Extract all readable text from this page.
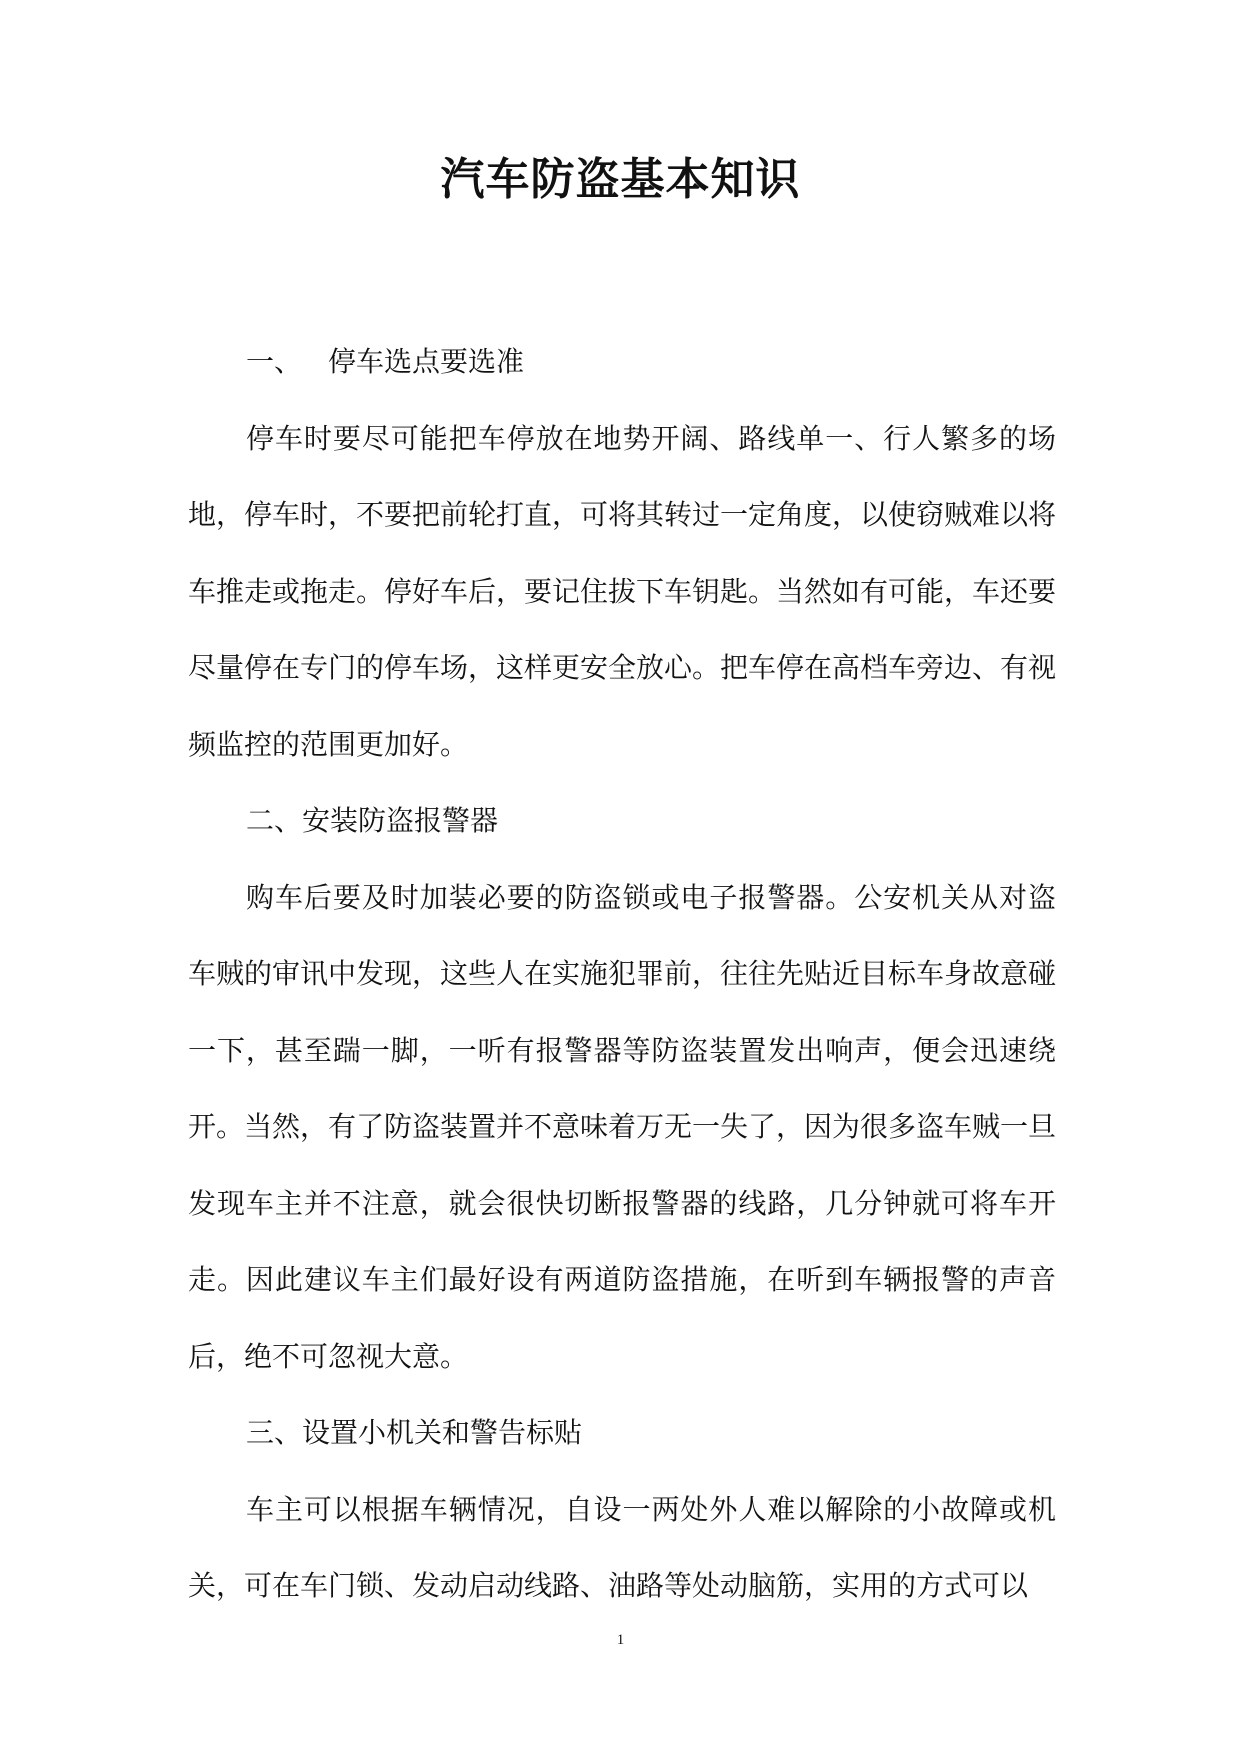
汽车防盗基本知识

一、 停车选点要选准

停车时要尽可能把车停放在地势开阔、路线单一、行人繁多的场地，停车时，不要把前轮打直，可将其转过一定角度，以使窃贼难以将车推走或拖走。停好车后，要记住拔下车钥匙。当然如有可能，车还要尽量停在专门的停车场，这样更安全放心。把车停在高档车旁边、有视频监控的范围更加好。

二、安装防盗报警器

购车后要及时加装必要的防盗锁或电子报警器。公安机关从对盗车贼的审讯中发现，这些人在实施犯罪前，往往先贴近目标车身故意碰一下，甚至踹一脚，一听有报警器等防盗装置发出响声，便会迅速绕开。当然，有了防盗装置并不意味着万无一失了，因为很多盗车贼一旦发现车主并不注意，就会很快切断报警器的线路，几分钟就可将车开走。因此建议车主们最好设有两道防盗措施，在听到车辆报警的声音后，绝不可忽视大意。

三、设置小机关和警告标贴

车主可以根据车辆情况，自设一两处外人难以解除的小故障或机关，可在车门锁、发动启动线路、油路等处动脑筋，实用的方式可以

1
